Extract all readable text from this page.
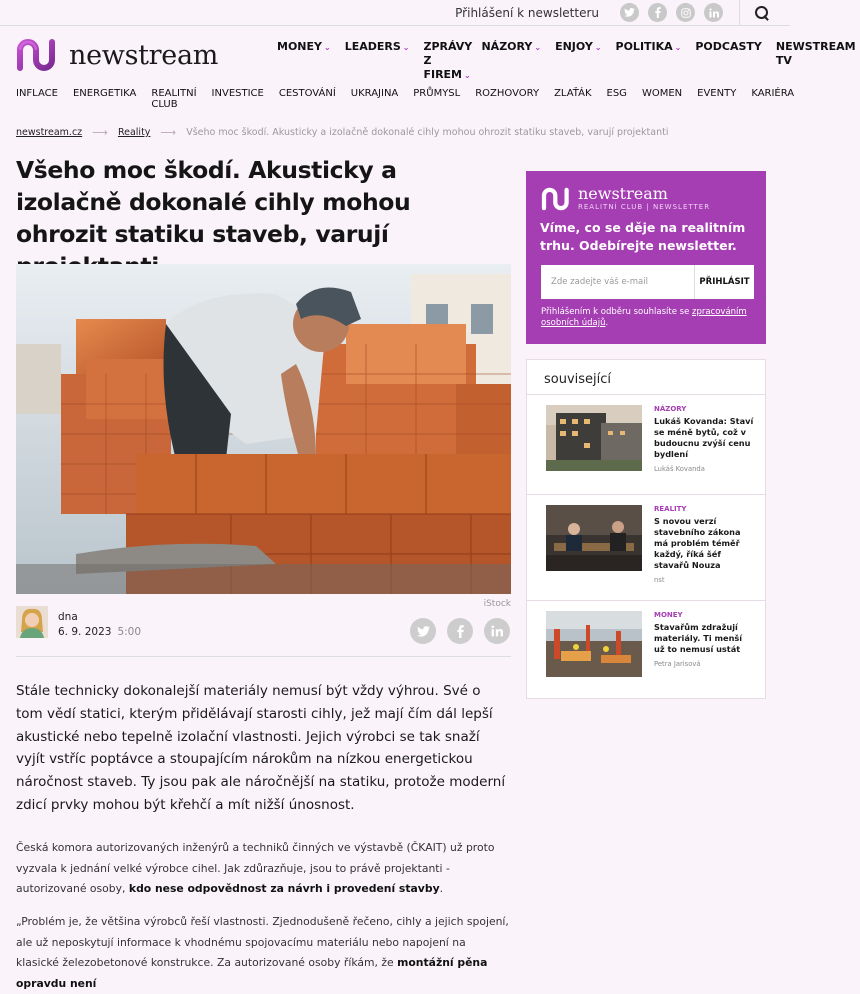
Přihlášení k newsletteru
newstream	MONEY ⌄ LEADERS ⌄ ZPRÁVY Z FIREM ⌄
NÁZORY ⌄ ENJOY ⌄ POLITIKA ⌄ PODCASTY NEWSTREAM TV
INFLACE ENERGETIKA REALITNÍ CLUB
INVESTICE CESTOVÁNÍ UKRAJINA PRŮMYSL ROZHOVORY ZLAŤÁK ESG WOMEN EVENTY KARIÉRA
newstream.cz ⟶ Reality ⟶ Všeho moc škodí. Akusticky a izolačně dokonalé cihly mohou ohrozit statiku staveb, varují projektanti
Všeho moc škodí. Akusticky a izolačně dokonalé cihly mohou ohrozit statiku staveb, varují
iStock
dna
6. 9. 2023 5:00

Stále technicky dokonalejší materiály nemusí být vždy výhrou. Své o tom vědí statici, kterým přidělávají starosti cihly, jež mají čím dál lepší akustické nebo tepelně izolační vlastnosti. Jejich výrobci se tak snaží vyjít vstříc poptávce a stoupajícím nárokům na nízkou energetickou náročnost staveb. Ty jsou pak ale náročnější na statiku, protože moderní zdicí prvky mohou být křehčí a mít nižší únosnost.

Česká komora autorizovaných inženýrů a techniků činných ve výstavbě (ČKAIT) už proto vyzvala k jednání velké výrobce cihel. Jak zdůrazňuje, jsou to právě projektanti - autorizované osoby, kdo nese odpovědnost za návrh i provedení stavby.

„Problém je, že většina výrobců řeší vlastnosti. Zjednodušeně řečeno, cihly a jejich spojení, ale už neposkytují informace k vhodnému spojovacímu materiálu nebo napojení na klasické železobetonové konstrukce. Za autorizované osoby říkám, že montážní pěna opravdu není

newstream
REALITNÍ CLUB | NEWSLETTER
Víme, co se děje na realitním trhu. Odebírejte newsletter.
Zde zadejte váš e-mail
PŘIHLÁSIT
Přihlášením k odběru souhlasíte se zpracováním osobních údajů.
související
NÁZORY
Lukáš Kovanda: Staví se méně bytů, což v budoucnu zvýší cenu bydlení
Lukáš Kovanda
REALITY
S novou verzí stavebního zákona má problém téměř každý, říká šéf stavařů Nouza
nst
MONEY
Stavařům zdražují materiály. Ti menší už to nemusí ustát
Petra Jarisová
